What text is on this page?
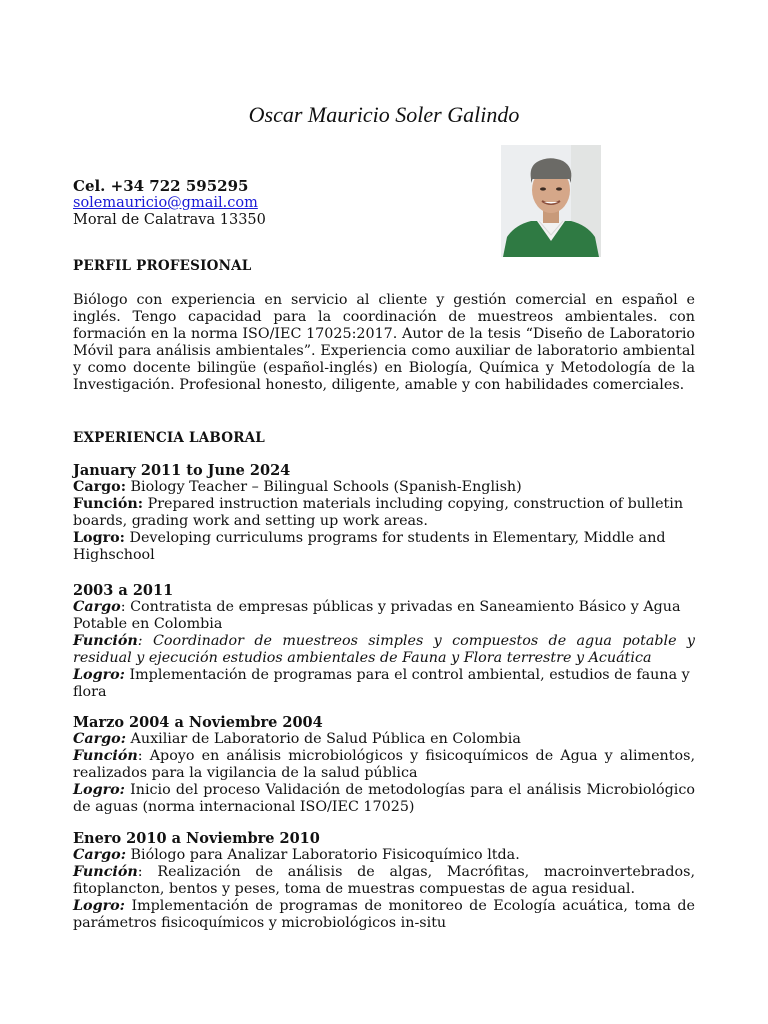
Oscar Mauricio Soler Galindo
Cel. +34 722 595295
solemauricio@gmail.com
Moral de Calatrava 13350
PERFIL PROFESIONAL
Biólogo con experiencia en servicio al cliente y gestión comercial en español e inglés. Tengo capacidad para la coordinación de muestreos ambientales. con formación en la norma ISO/IEC 17025:2017. Autor de la tesis “Diseño de Laboratorio Móvil para análisis ambientales”. Experiencia como auxiliar de laboratorio ambiental y como docente bilingüe (español-inglés) en Biología, Química y Metodología de la Investigación. Profesional honesto, diligente, amable y con habilidades comerciales.
EXPERIENCIA LABORAL

January 2011 to June 2024

Cargo: Biology Teacher – Bilingual Schools (Spanish-English)

Función: Prepared instruction materials including copying, construction of bulletin boards, grading work and setting up work areas.

Logro: Developing curriculums programs for students in Elementary, Middle and Highschool

2003 a 2011

Cargo: Contratista de empresas públicas y privadas en Saneamiento Básico y Agua Potable en Colombia

Función: Coordinador de muestreos simples y compuestos de agua potable y residual y ejecución estudios ambientales de Fauna y Flora terrestre y Acuática

Logro: Implementación de programas para el control ambiental, estudios de fauna y flora

Marzo 2004 a Noviembre 2004

Cargo: Auxiliar de Laboratorio de Salud Pública en Colombia

Función: Apoyo en análisis microbiológicos y fisicoquímicos de Agua y alimentos, realizados para la vigilancia de la salud pública

Logro: Inicio del proceso Validación de metodologías para el análisis Microbiológico de aguas (norma internacional ISO/IEC 17025)

Enero 2010 a Noviembre 2010

Cargo: Biólogo para Analizar Laboratorio Fisicoquímico ltda.

Función: Realización de análisis de algas, Macrófitas, macroinvertebrados, fitoplancton, bentos y peses, toma de muestras compuestas de agua residual.

Logro: Implementación de programas de monitoreo de Ecología acuática, toma de parámetros fisicoquímicos y microbiológicos in-situ
